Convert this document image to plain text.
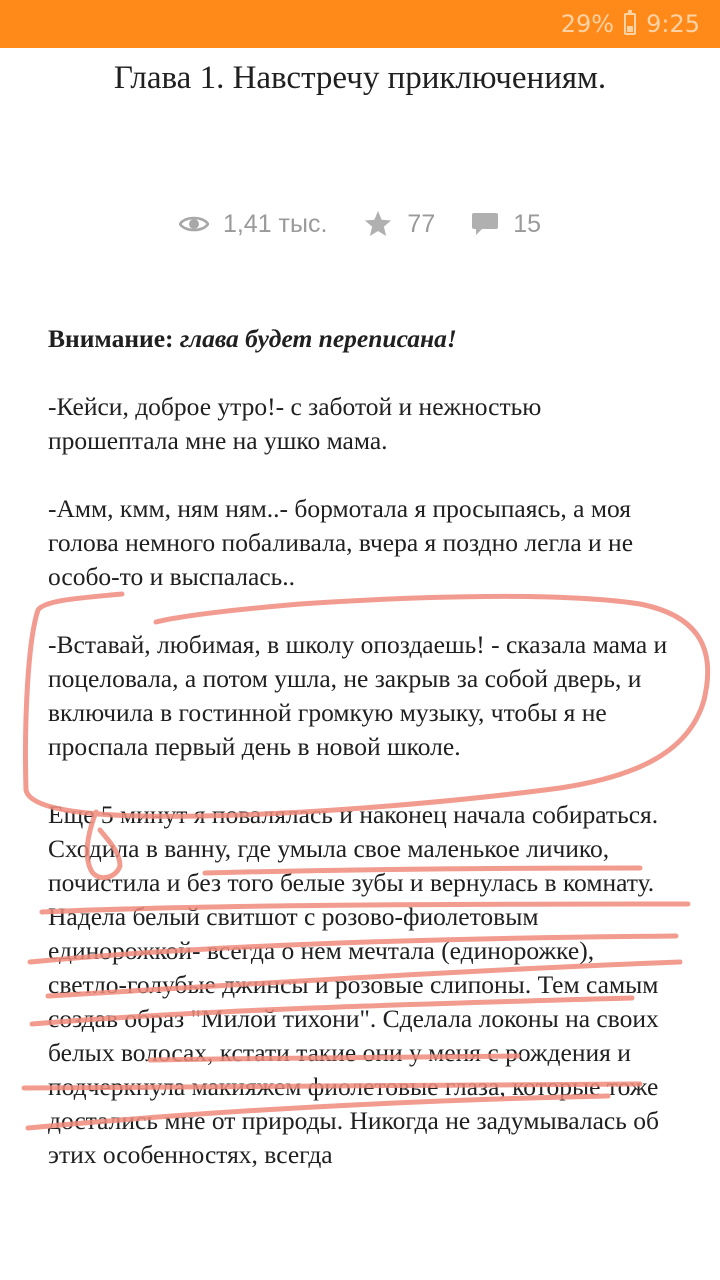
29% 9:25
Глава 1. Навстречу приключениям.
1,41 тыс.	77	15

Внимание: глава будет переписана!

-Кейси, доброе утро!- с заботой и нежностью прошептала мне на ушко мама.

-Амм, кмм, ням ням..- бормотала я просыпаясь, а моя голова немного побаливала, вчера я поздно легла и не особо-то и выспалась..

-Вставай, любимая, в школу опоздаешь! - сказала мама и поцеловала, а потом ушла, не закрыв за собой дверь, и включила в гостинной громкую музыку, чтобы я не проспала первый день в новой школе.

Еще 5 минут я повалялась и наконец начала собираться. Сходила в ванну, где умыла свое маленькое личико, почистила и без того белые зубы и вернулась в комнату. Надела белый свитшот с розово-фиолетовым единорожкой- всегда о нем мечтала (единорожке), светло-голубые джинсы и розовые слипоны. Тем самым создав образ "Милой тихони". Сделала локоны на своих белых волосах, кстати такие они у меня с рождения и подчеркнула макияжем фиолетовые глаза, которые тоже достались мне от природы. Никогда не задумывалась об этих особенностях, всегда
